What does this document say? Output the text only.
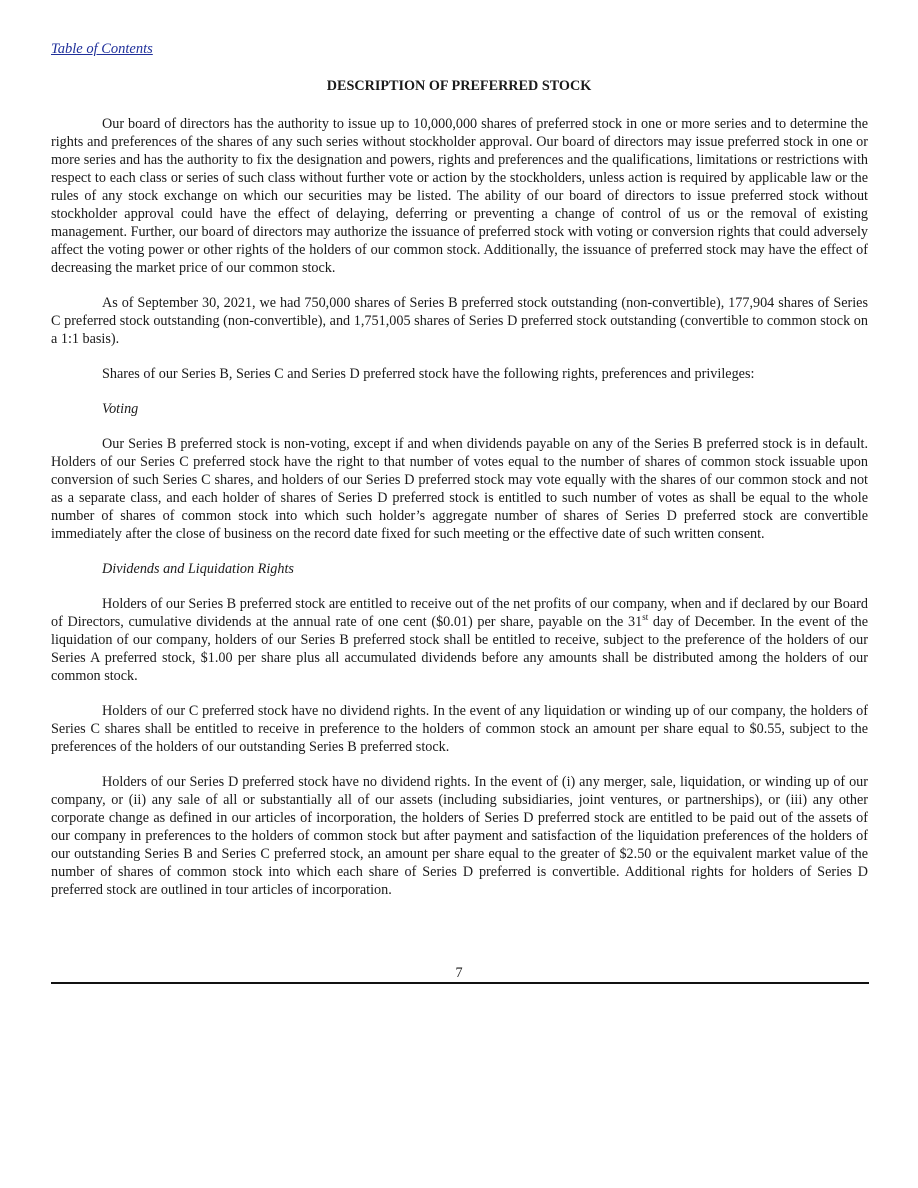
Table of Contents
DESCRIPTION OF PREFERRED STOCK

Our board of directors has the authority to issue up to 10,000,000 shares of preferred stock in one or more series and to determine the rights and preferences of the shares of any such series without stockholder approval. Our board of directors may issue preferred stock in one or more series and has the authority to fix the designation and powers, rights and preferences and the qualifications, limitations or restrictions with respect to each class or series of such class without further vote or action by the stockholders, unless action is required by applicable law or the rules of any stock exchange on which our securities may be listed. The ability of our board of directors to issue preferred stock without stockholder approval could have the effect of delaying, deferring or preventing a change of control of us or the removal of existing management. Further, our board of directors may authorize the issuance of preferred stock with voting or conversion rights that could adversely affect the voting power or other rights of the holders of our common stock. Additionally, the issuance of preferred stock may have the effect of decreasing the market price of our common stock.

As of September 30, 2021, we had 750,000 shares of Series B preferred stock outstanding (non-convertible), 177,904 shares of Series C preferred stock outstanding (non-convertible), and 1,751,005 shares of Series D preferred stock outstanding (convertible to common stock on a 1:1 basis).

Shares of our Series B, Series C and Series D preferred stock have the following rights, preferences and privileges:

Voting

Our Series B preferred stock is non-voting, except if and when dividends payable on any of the Series B preferred stock is in default. Holders of our Series C preferred stock have the right to that number of votes equal to the number of shares of common stock issuable upon conversion of such Series C shares, and holders of our Series D preferred stock may vote equally with the shares of our common stock and not as a separate class, and each holder of shares of Series D preferred stock is entitled to such number of votes as shall be equal to the whole number of shares of common stock into which such holder’s aggregate number of shares of Series D preferred stock are convertible immediately after the close of business on the record date fixed for such meeting or the effective date of such written consent.

Dividends and Liquidation Rights

Holders of our Series B preferred stock are entitled to receive out of the net profits of our company, when and if declared by our Board of Directors, cumulative dividends at the annual rate of one cent ($0.01) per share, payable on the 31st day of December. In the event of the liquidation of our company, holders of our Series B preferred stock shall be entitled to receive, subject to the preference of the holders of our Series A preferred stock, $1.00 per share plus all accumulated dividends before any amounts shall be distributed among the holders of our common stock.

Holders of our C preferred stock have no dividend rights. In the event of any liquidation or winding up of our company, the holders of Series C shares shall be entitled to receive in preference to the holders of common stock an amount per share equal to $0.55, subject to the preferences of the holders of our outstanding Series B preferred stock.

Holders of our Series D preferred stock have no dividend rights. In the event of (i) any merger, sale, liquidation, or winding up of our company, or (ii) any sale of all or substantially all of our assets (including subsidiaries, joint ventures, or partnerships), or (iii) any other corporate change as defined in our articles of incorporation, the holders of Series D preferred stock are entitled to be paid out of the assets of our company in preferences to the holders of common stock but after payment and satisfaction of the liquidation preferences of the holders of our outstanding Series B and Series C preferred stock, an amount per share equal to the greater of $2.50 or the equivalent market value of the number of shares of common stock into which each share of Series D preferred is convertible. Additional rights for holders of Series D preferred stock are outlined in tour articles of incorporation.

7
